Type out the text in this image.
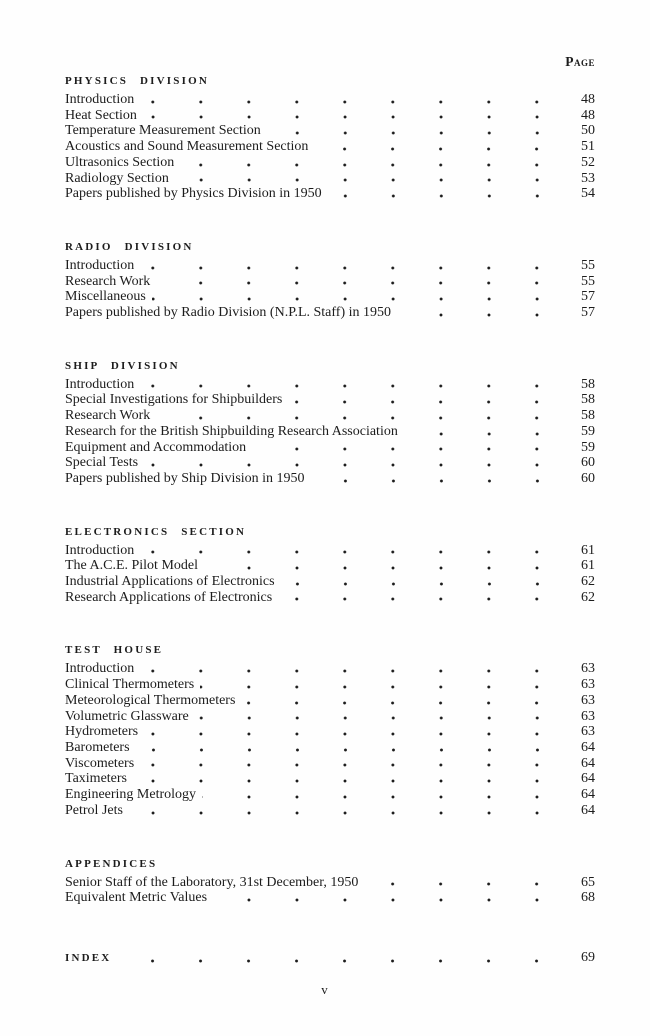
Page
PHYSICS DIVISION
Introduction	48
Heat Section	48
Temperature Measurement Section	50
Acoustics and Sound Measurement Section	51
Ultrasonics Section	52
Radiology Section	53
Papers published by Physics Division in 1950	54
RADIO DIVISION
Introduction	55
Research Work	55
Miscellaneous	57
Papers published by Radio Division (N.P.L. Staff) in 1950	57
SHIP DIVISION
Introduction	58
Special Investigations for Shipbuilders	58
Research Work	58
Research for the British Shipbuilding Research Association	59
Equipment and Accommodation	59
Special Tests	60
Papers published by Ship Division in 1950	60
ELECTRONICS SECTION
Introduction	61
The A.C.E. Pilot Model	61
Industrial Applications of Electronics	62
Research Applications of Electronics	62
TEST HOUSE
Introduction	63
Clinical Thermometers	63
Meteorological Thermometers	63
Volumetric Glassware	63
Hydrometers	63
Barometers	64
Viscometers	64
Taximeters	64
Engineering Metrology	64
Petrol Jets	64
APPENDICES
Senior Staff of the Laboratory, 31st December, 1950	65
Equivalent Metric Values	68
INDEX	69
v
